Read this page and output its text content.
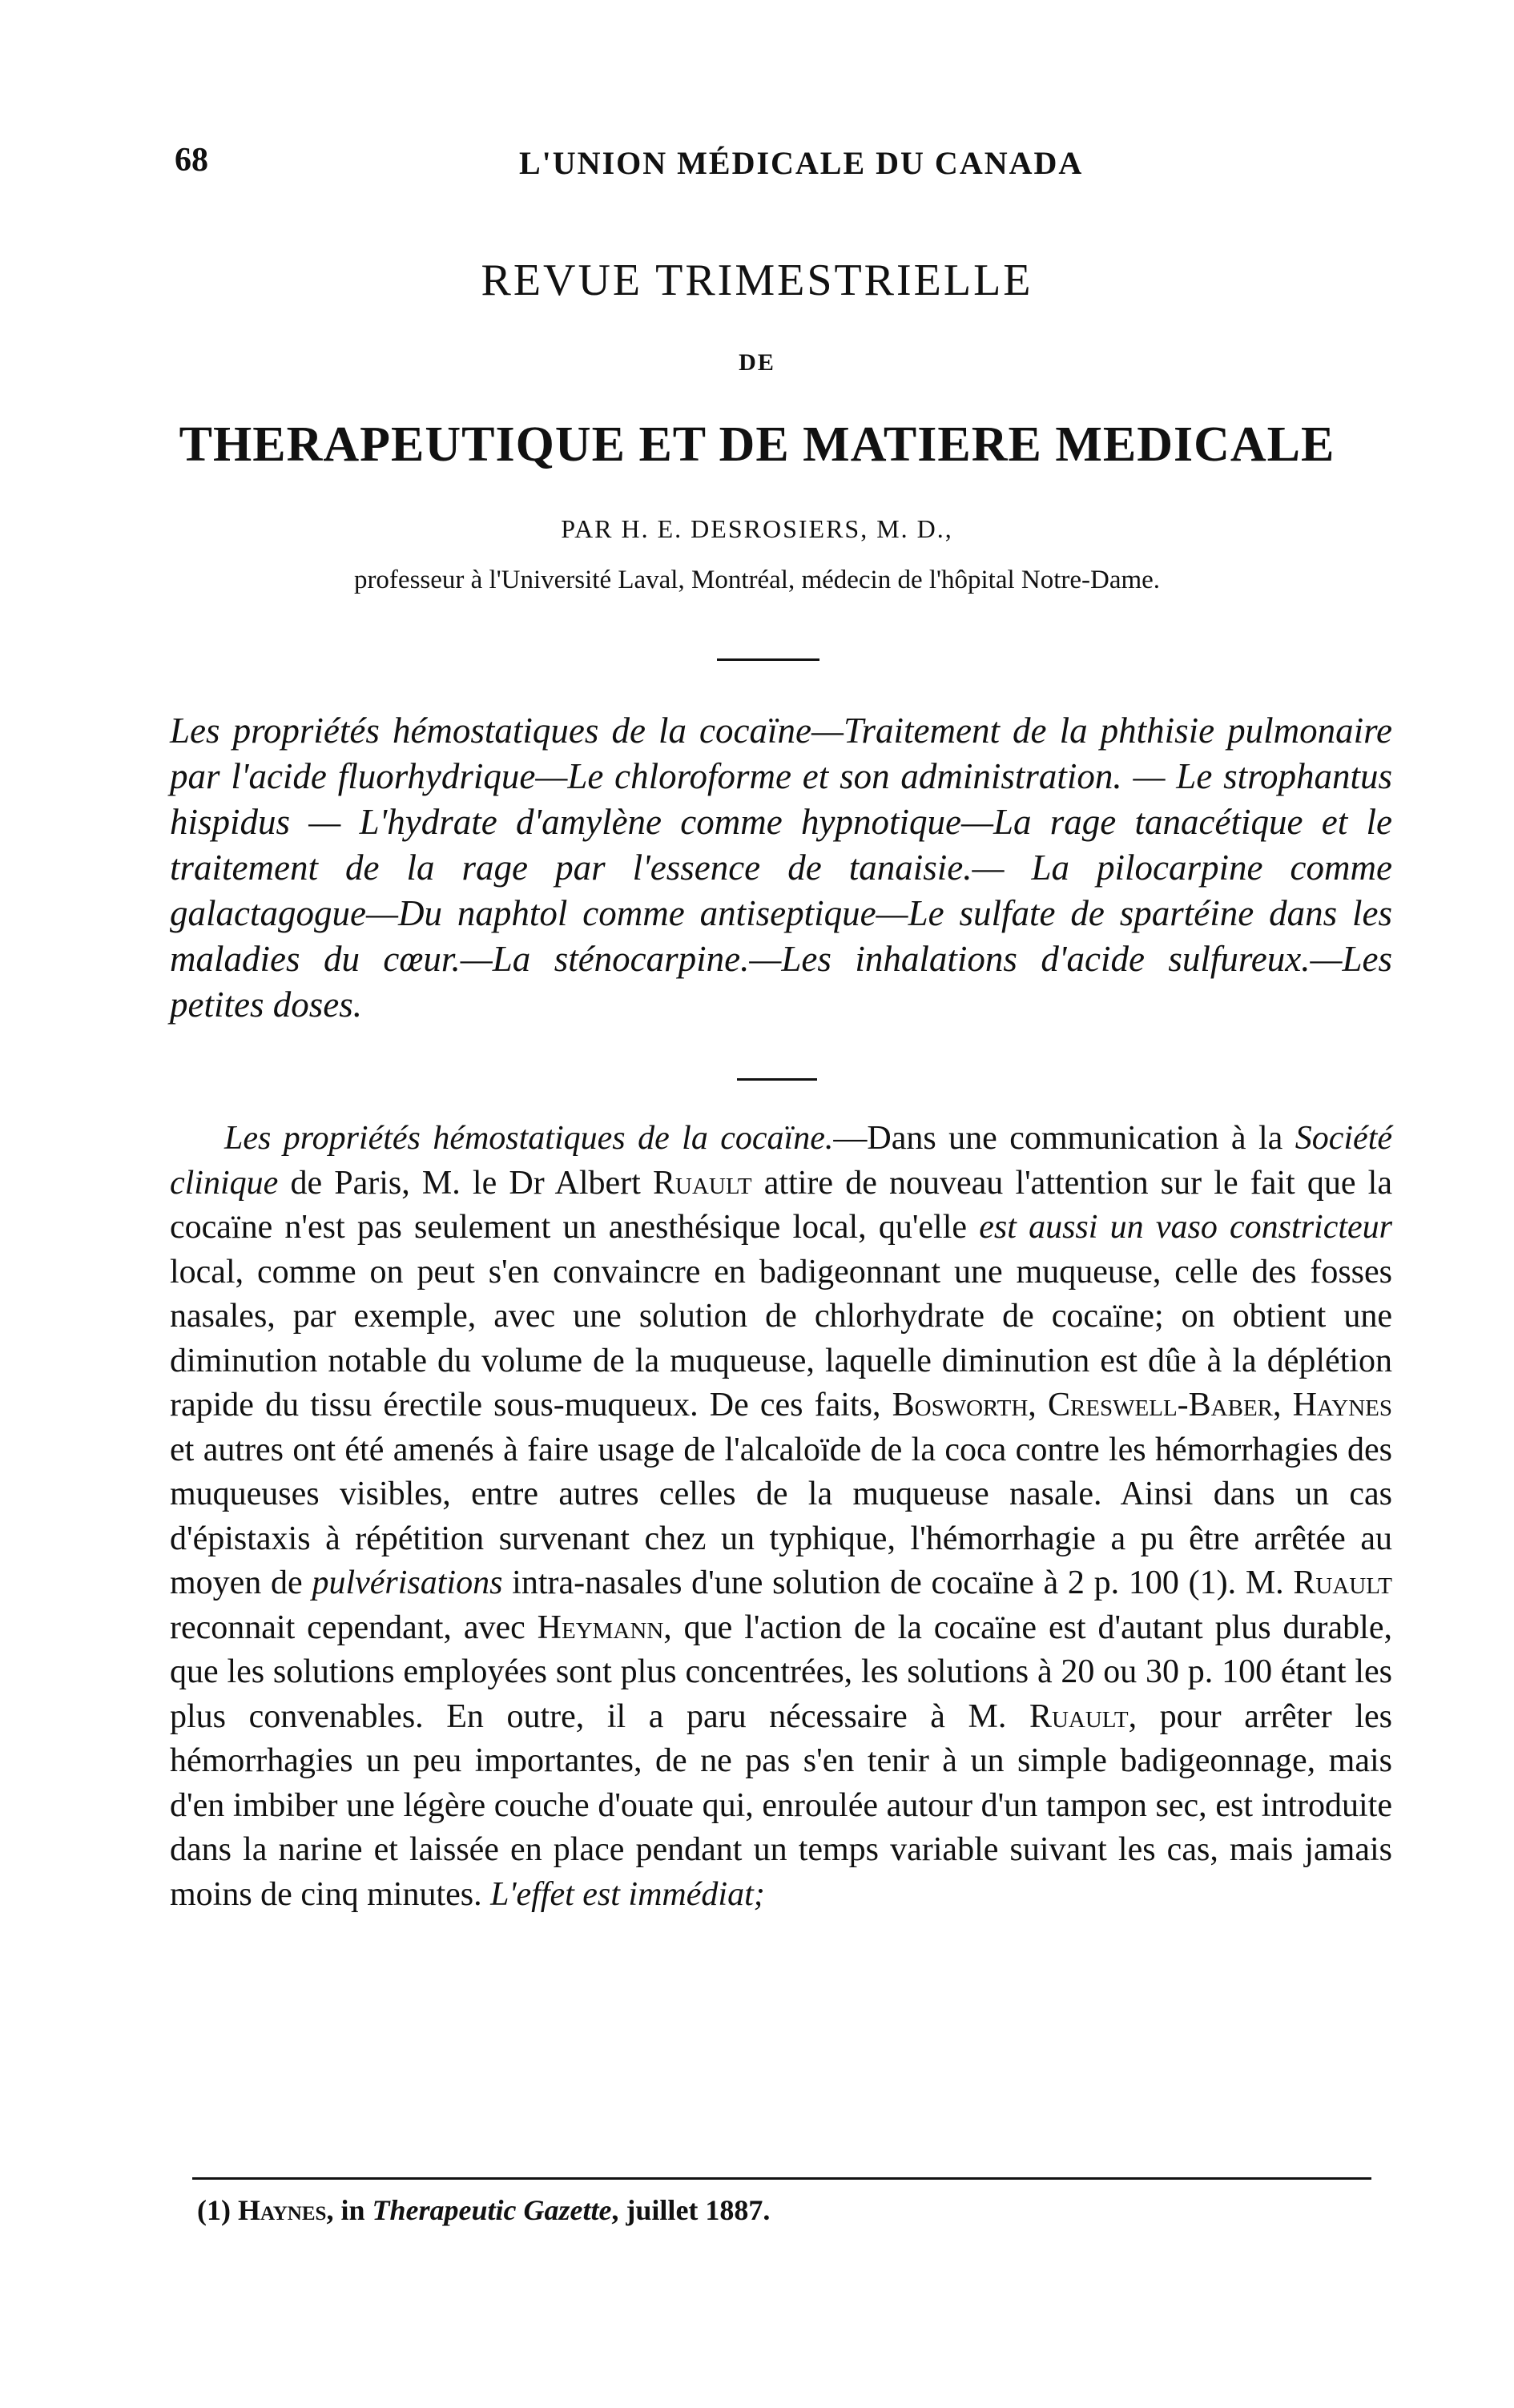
68	L'UNION MÉDICALE DU CANADA
REVUE TRIMESTRIELLE
DE
THERAPEUTIQUE ET DE MATIERE MEDICALE
PAR H. E. DESROSIERS, M. D.,
professeur à l'Université Laval, Montréal, médecin de l'hôpital Notre-Dame.
Les propriétés hémostatiques de la cocaïne—Traitement de la phthisie pulmonaire par l'acide fluorhydrique—Le chloroforme et son administration. — Le strophantus hispidus — L'hydrate d'amylène comme hypnotique—La rage tanacétique et le traitement de la rage par l'essence de tanaisie.— La pilocarpine comme galactagogue—Du naphtol comme antiseptique—Le sulfate de spartéine dans les maladies du cœur.—La sténocarpine.—Les inhalations d'acide sulfureux.—Les petites doses.
Les propriétés hémostatiques de la cocaïne.—Dans une communication à la Société clinique de Paris, M. le Dr Albert Ruault attire de nouveau l'attention sur le fait que la cocaïne n'est pas seulement un anesthésique local, qu'elle est aussi un vaso constricteur local, comme on peut s'en convaincre en badigeonnant une muqueuse, celle des fosses nasales, par exemple, avec une solution de chlorhydrate de cocaïne; on obtient une diminution notable du volume de la muqueuse, laquelle diminution est dûe à la déplétion rapide du tissu érectile sous-muqueux. De ces faits, Bosworth, Creswell-Baber, Haynes et autres ont été amenés à faire usage de l'alcaloïde de la coca contre les hémorrhagies des muqueuses visibles, entre autres celles de la muqueuse nasale. Ainsi dans un cas d'épistaxis à répétition survenant chez un typhique, l'hémorrhagie a pu être arrêtée au moyen de pulvérisations intra-nasales d'une solution de cocaïne à 2 p. 100 (1). M. Ruault reconnait cependant, avec Heymann, que l'action de la cocaïne est d'autant plus durable, que les solutions employées sont plus concentrées, les solutions à 20 ou 30 p. 100 étant les plus convenables. En outre, il a paru nécessaire à M. Ruault, pour arrêter les hémorrhagies un peu importantes, de ne pas s'en tenir à un simple badigeonnage, mais d'en imbiber une légère couche d'ouate qui, enroulée autour d'un tampon sec, est introduite dans la narine et laissée en place pendant un temps variable suivant les cas, mais jamais moins de cinq minutes. L'effet est immédiat;
(1) Haynes, in Therapeutic Gazette, juillet 1887.
